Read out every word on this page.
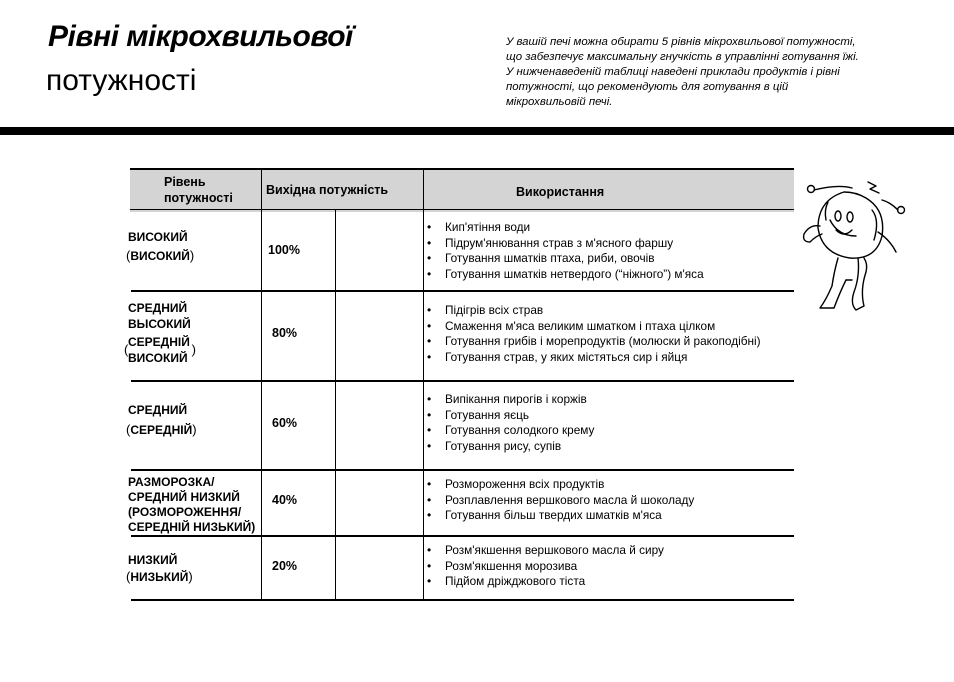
Рівні мікрохвильової
потужності
У вашій печі можна обирати 5 рівнів мікрохвильової потужності,
що забезпечує максимальну гнучкість в управлінні готування їжі.
У нижченаведеній таблиці наведені приклади продуктів і рівні
потужності, що рекомендують для готування в цій
мікрохвильовій печі.
Рівень
потужності
Вихідна потужність	Використання
ВИСОКИЙ
(ВИСОКИЙ)	100%
• Кип'ятіння води
• Підрум'янювання страв з м'ясного фаршу
• Готування шматків птаха, риби, овочів
• Готування шматків нетвердого (“ніжного”) м'яса
СРЕДНИЙ
ВЫСОКИЙ
( СЕРЕДНІЙ
ВИСОКИЙ)
80%
• Підігрів всіх страв
• Смаження м'яса великим шматком і птаха цілком
• Готування грибів і морепродуктів (молюски й ракоподібні)
• Готування страв, у яких містяться сир і яйця
СРЕДНИЙ
(СЕРЕДНІЙ)	60%
• Випікання пирогів і коржів
• Готування яєць
• Готування солодкого крему
• Готування рису, супів
РАЗМОРОЗКА/
СРЕДНИЙ НИЗКИЙ
(РОЗМОРОЖЕННЯ/
СЕРЕДНІЙ НИЗЬКИЙ)
40%
• Розмороження всіх продуктів
• Розплавлення вершкового масла й шоколаду
• Готування більш твердих шматків м'яса
НИЗКИЙ
(НИЗЬКИЙ)
20%
• Розм'якшення вершкового масла й сиру
• Розм'якшення морозива
• Підйом дріжджового тіста
